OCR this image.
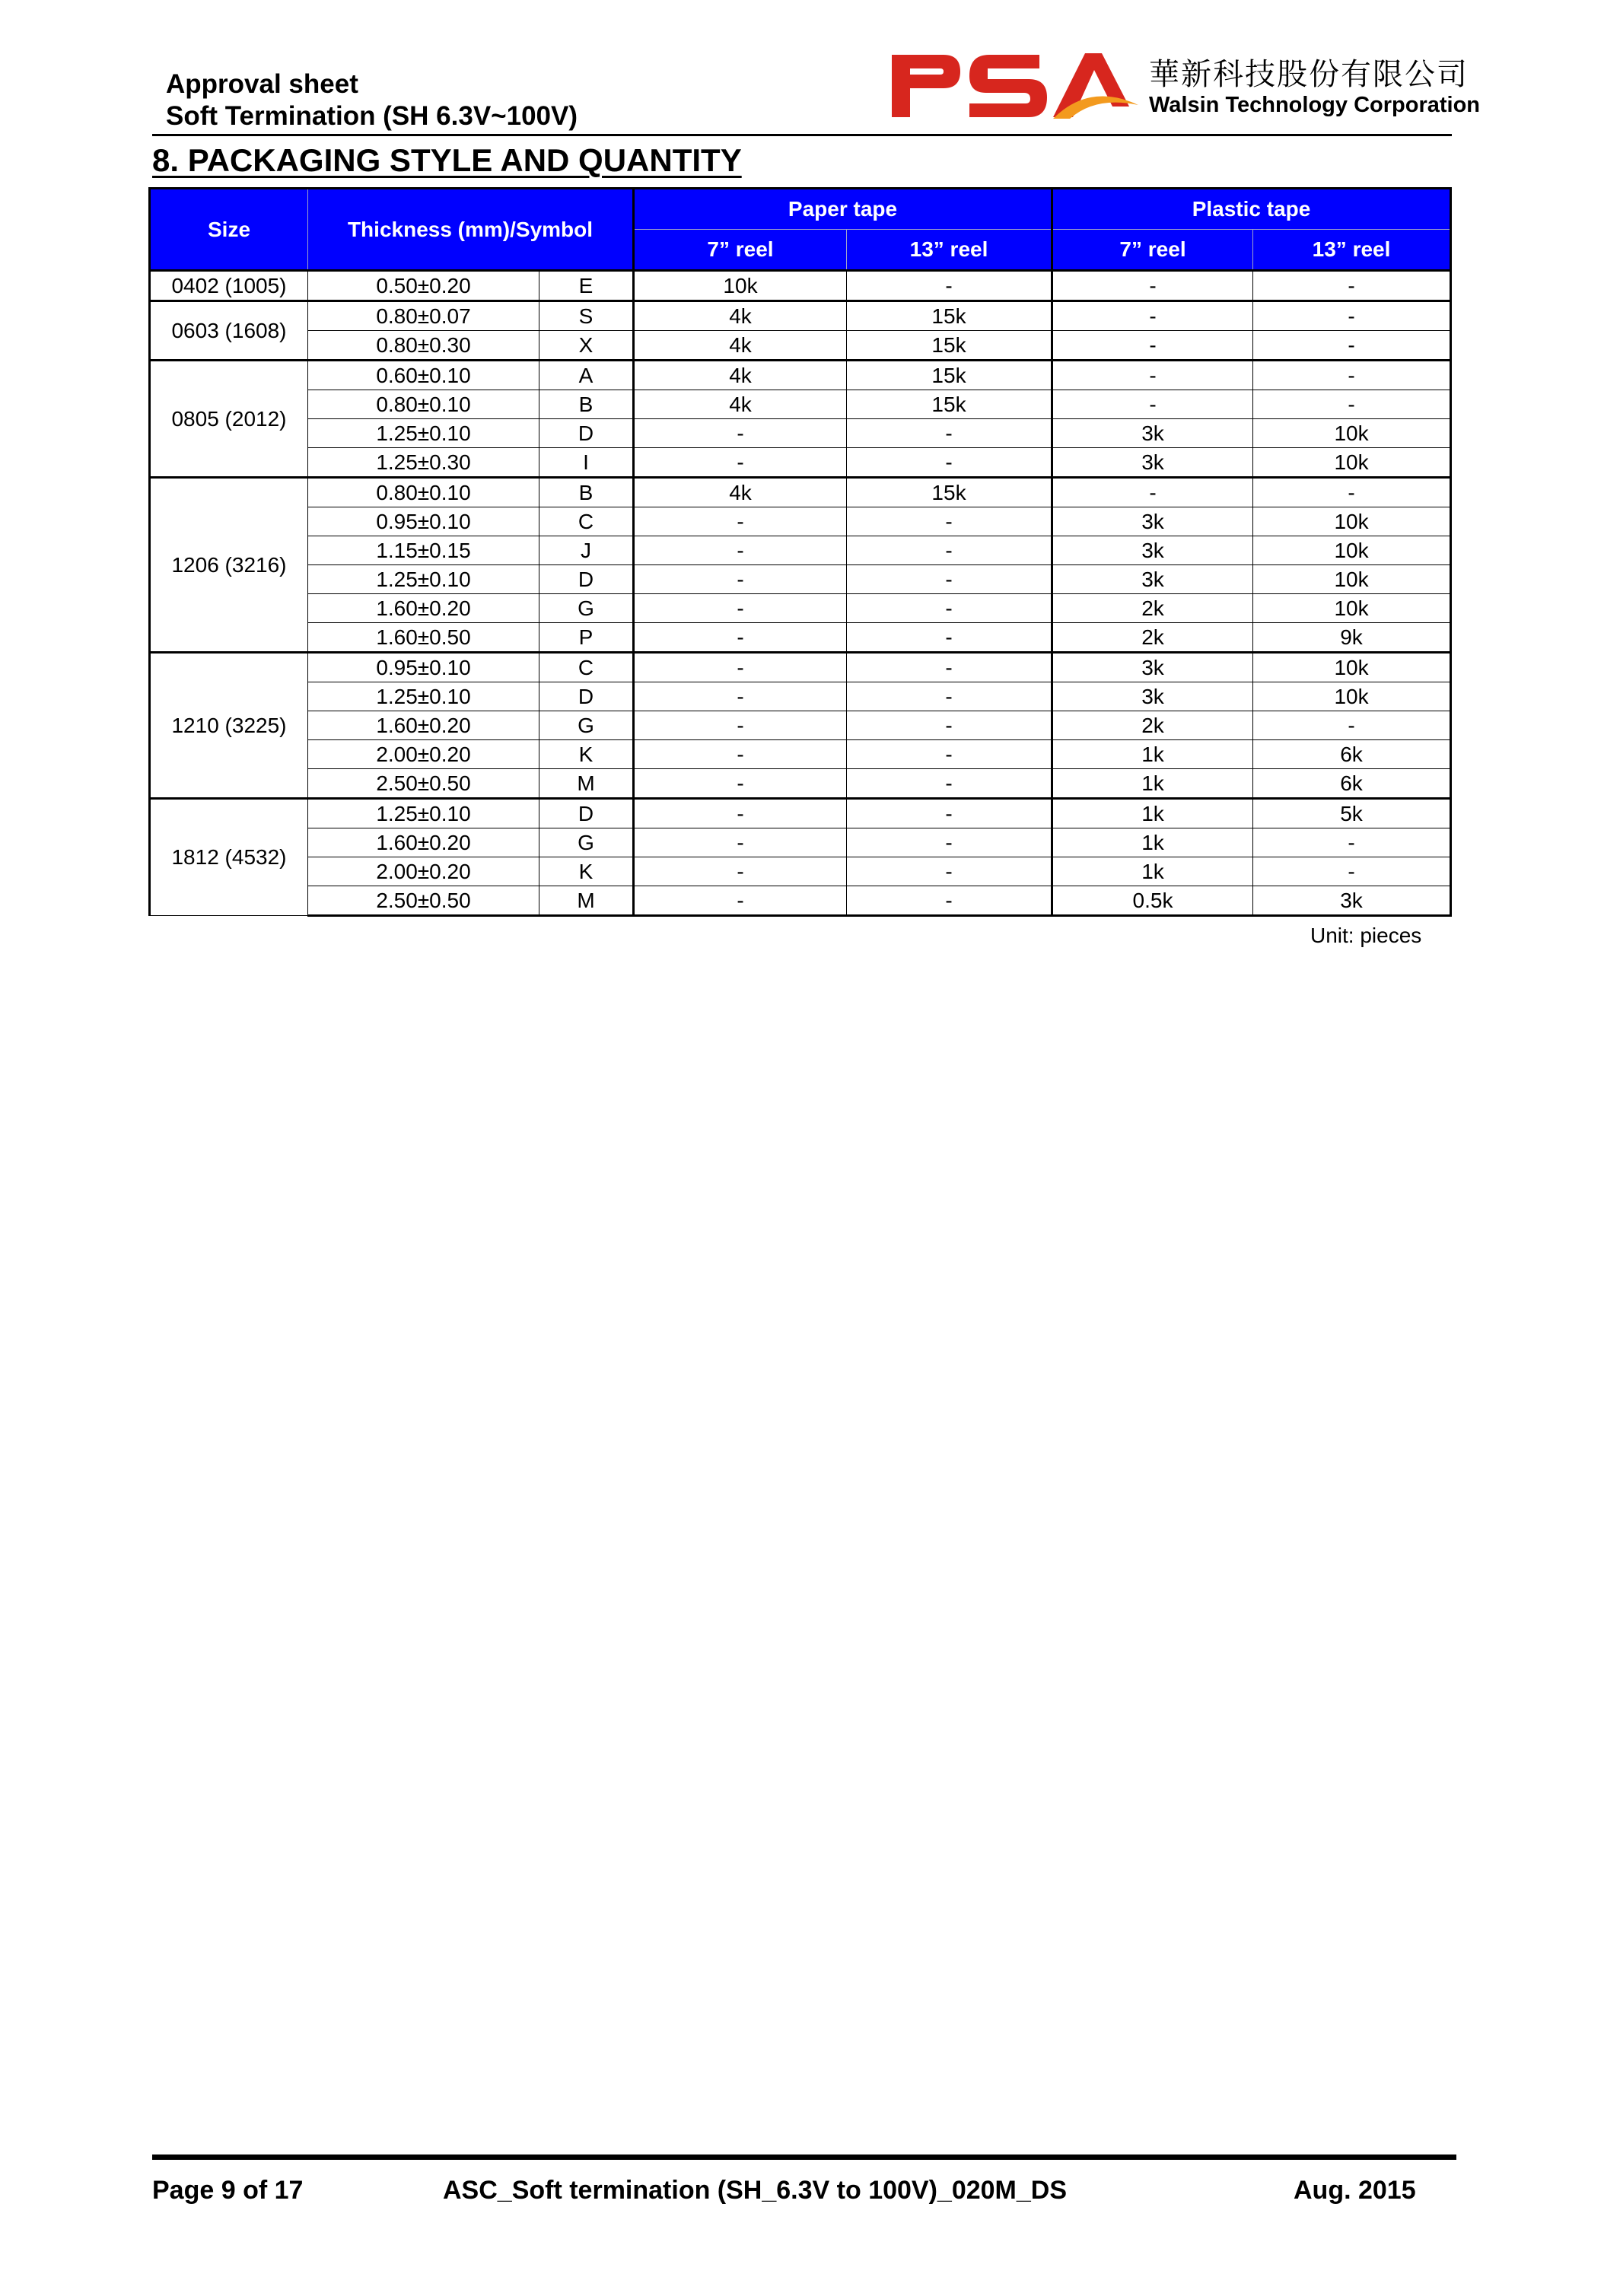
Approval sheet
Soft Termination (SH 6.3V~100V)
華新科技股份有限公司
Walsin Technology Corporation
8. PACKAGING STYLE AND QUANTITY
Size	Thickness (mm)/Symbol		Paper tape		Plastic tape	
			7” reel	13” reel	7” reel	13” reel
0402 (1005)	0.50±0.20	E	10k	-	-	-
0603 (1608)	0.80±0.07	S	4k	15k	-	-
	0.80±0.30	X	4k	15k	-	-
0805 (2012)	0.60±0.10	A	4k	15k	-	-
	0.80±0.10	B	4k	15k	-	-
	1.25±0.10	D	-	-	3k	10k
	1.25±0.30	I	-	-	3k	10k
1206 (3216)	0.80±0.10	B	4k	15k	-	-
	0.95±0.10	C	-	-	3k	10k
	1.15±0.15	J	-	-	3k	10k
	1.25±0.10	D	-	-	3k	10k
	1.60±0.20	G	-	-	2k	10k
	1.60±0.50	P	-	-	2k	9k
1210 (3225)	0.95±0.10	C	-	-	3k	10k
	1.25±0.10	D	-	-	3k	10k
	1.60±0.20	G	-	-	2k	-
	2.00±0.20	K	-	-	1k	6k
	2.50±0.50	M	-	-	1k	6k
1812 (4532)	1.25±0.10	D	-	-	1k	5k
	1.60±0.20	G	-	-	1k	-
	2.00±0.20	K	-	-	1k	-
	2.50±0.50	M	-	-	0.5k	3k
Unit: pieces
Page 9 of 17	ASC_Soft termination (SH_6.3V to 100V)_020M_DS	Aug. 2015
